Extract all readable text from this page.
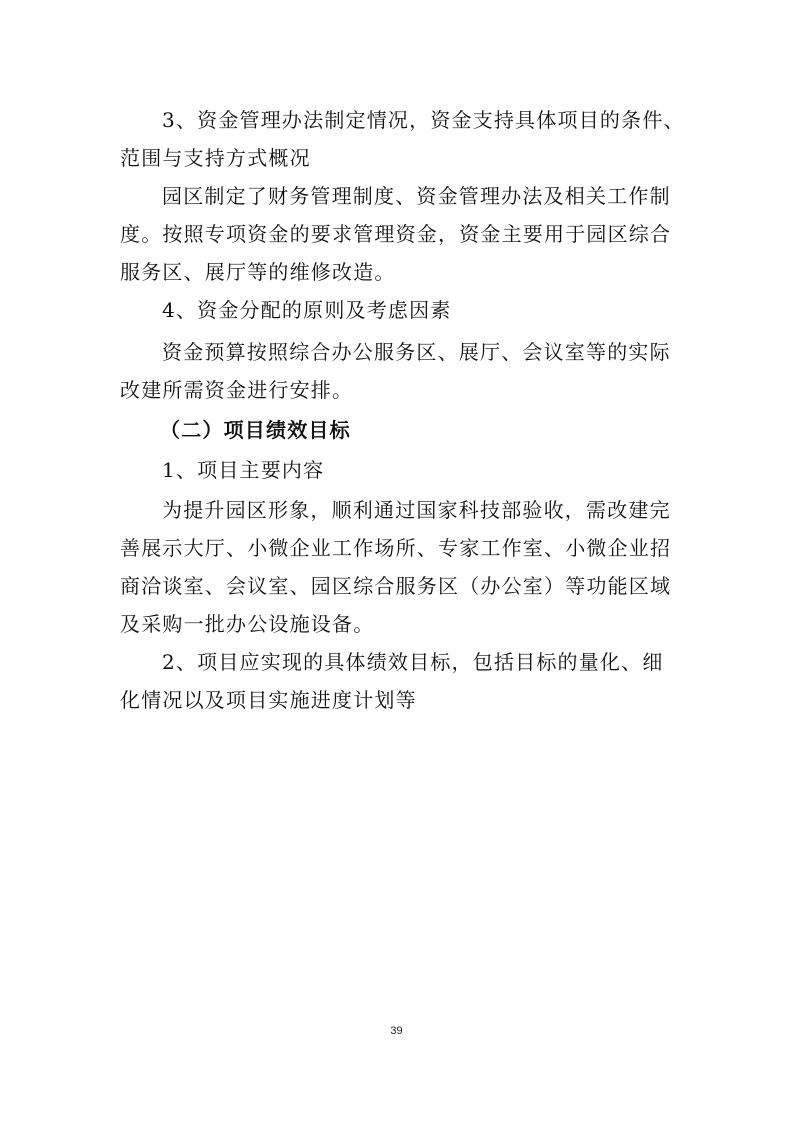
3、资金管理办法制定情况，资金支持具体项目的条件、
范围与支持方式概况
园区制定了财务管理制度、资金管理办法及相关工作制
度。按照专项资金的要求管理资金，资金主要用于园区综合
服务区、展厅等的维修改造。
4、资金分配的原则及考虑因素
资金预算按照综合办公服务区、展厅、会议室等的实际
改建所需资金进行安排。
（二）项目绩效目标
1、项目主要内容
为提升园区形象，顺利通过国家科技部验收，需改建完
善展示大厅、小微企业工作场所、专家工作室、小微企业招
商洽谈室、会议室、园区综合服务区（办公室）等功能区域
及采购一批办公设施设备。
2、项目应实现的具体绩效目标，包括目标的量化、细
化情况以及项目实施进度计划等
39
